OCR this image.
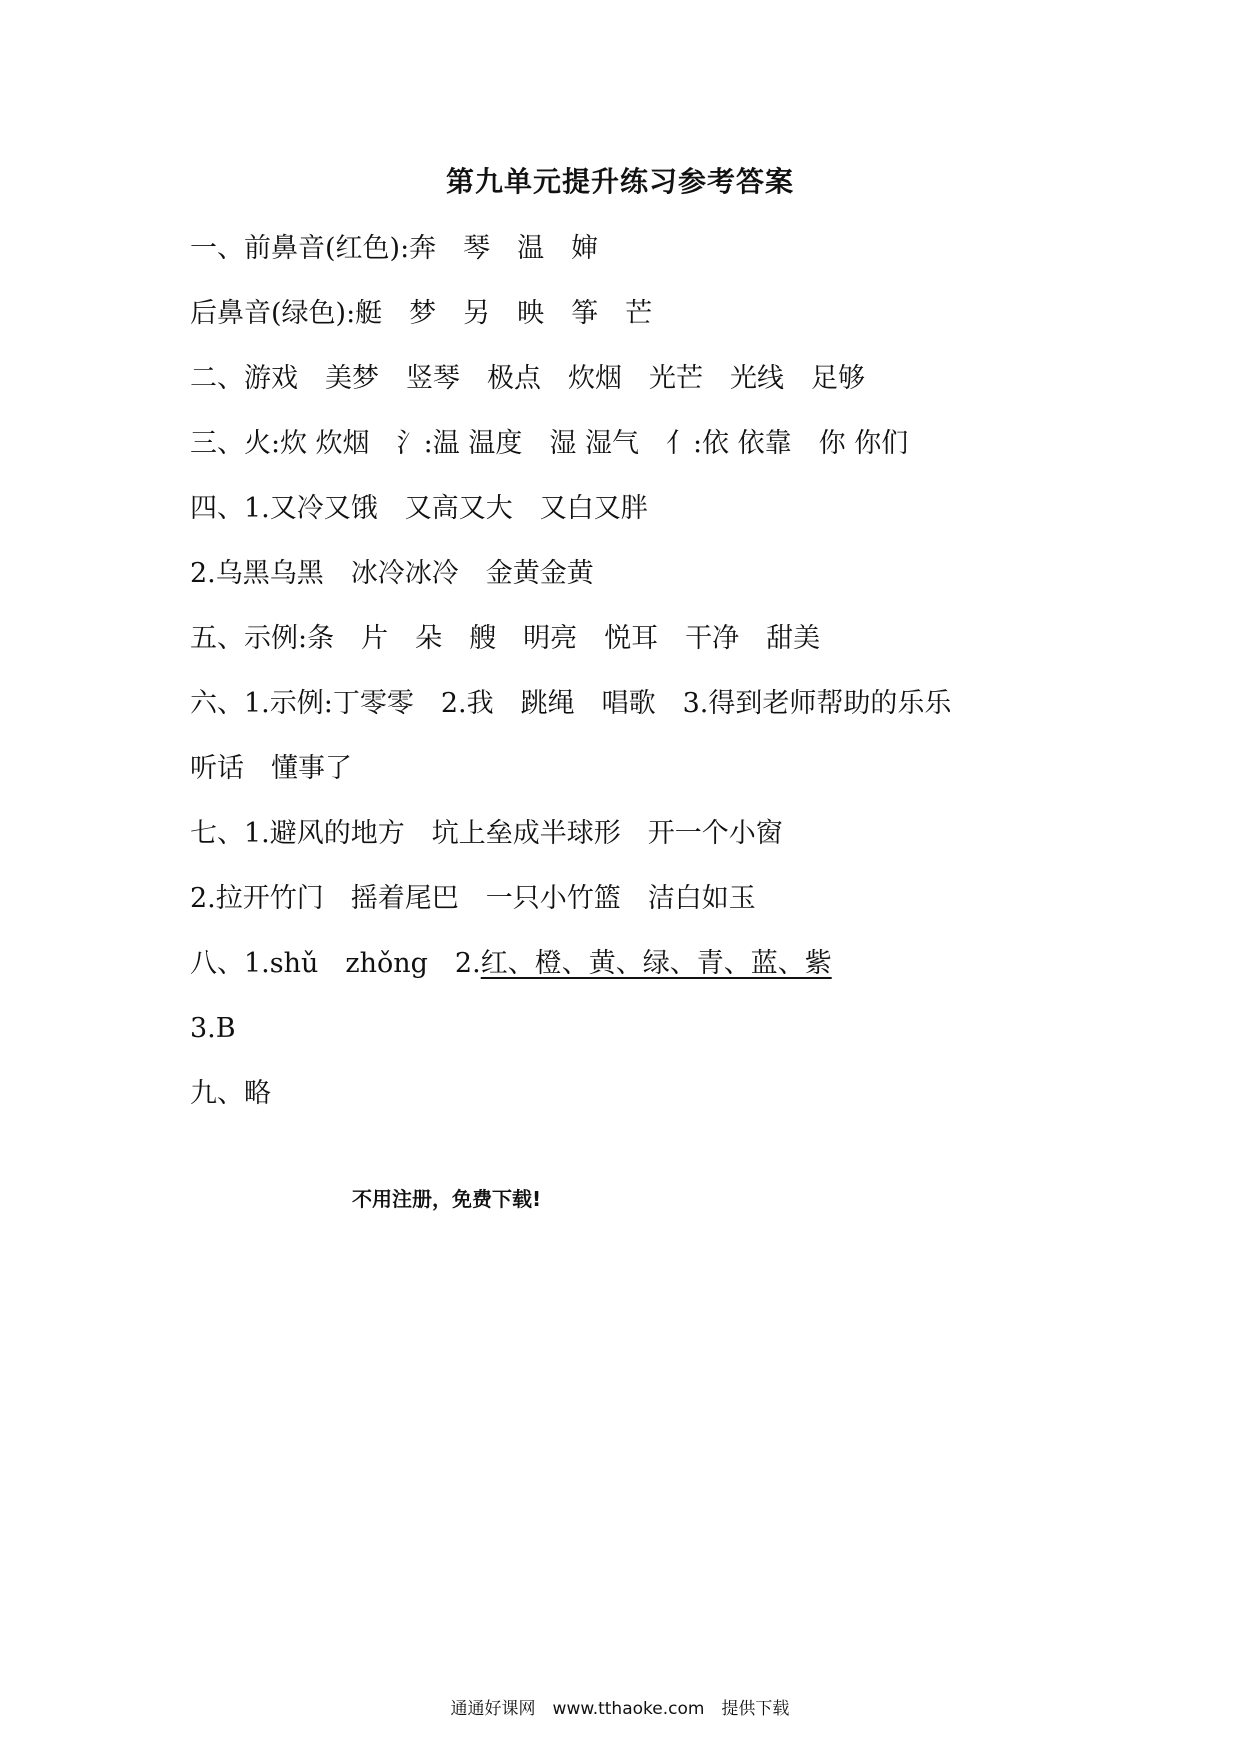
第九单元提升练习参考答案
一、前鼻音(红色):奔　琴　温　婶
后鼻音(绿色):艇　梦　另　映　筝　芒
二、游戏　美梦　竖琴　极点　炊烟　光芒　光线　足够
三、火:炊 炊烟　氵:温 温度　湿 湿气　亻:依 依靠　你 你们
四、1.又冷又饿　又高又大　又白又胖
2.乌黑乌黑　冰冷冰冷　金黄金黄
五、示例:条　片　朵　艘　明亮　悦耳　干净　甜美
六、1.示例:丁零零　2.我　跳绳　唱歌　3.得到老师帮助的乐乐
听话　懂事了
七、1.避风的地方　坑上垒成半球形　开一个小窗
2.拉开竹门　摇着尾巴　一只小竹篮　洁白如玉
八、1.shǔ　zhǒng　2.红、橙、黄、绿、青、蓝、紫
3.B
九、略
不用注册，免费下载!
通通好课网　www.tthaoke.com　提供下载
